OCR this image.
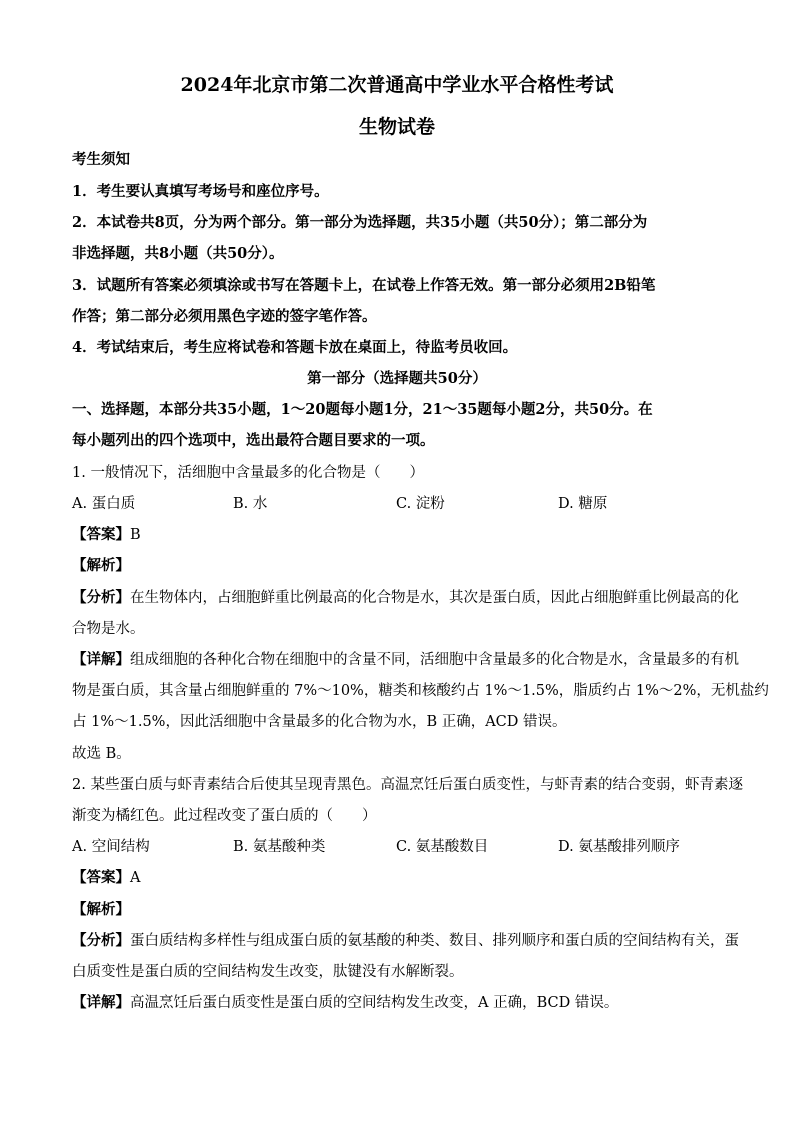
2024年北京市第二次普通高中学业水平合格性考试
生物试卷
考生须知
1．考生要认真填写考场号和座位序号。
2．本试卷共8页，分为两个部分。第一部分为选择题，共35小题（共50分）；第二部分为
非选择题，共8小题（共50分）。
3．试题所有答案必须填涂或书写在答题卡上，在试卷上作答无效。第一部分必须用2B铅笔
作答；第二部分必须用黑色字迹的签字笔作答。
4．考试结束后，考生应将试卷和答题卡放在桌面上，待监考员收回。
第一部分（选择题共50分）
一、选择题，本部分共35小题，1～20题每小题1分，21～35题每小题2分，共50分。在
每小题列出的四个选项中，选出最符合题目要求的一项。
1. 一般情况下，活细胞中含量最多的化合物是（　　）
A. 蛋白质	B. 水	C. 淀粉	D. 糖原
【答案】B
【解析】
【分析】在生物体内，占细胞鲜重比例最高的化合物是水，其次是蛋白质，因此占细胞鲜重比例最高的化
合物是水。
【详解】组成细胞的各种化合物在细胞中的含量不同，活细胞中含量最多的化合物是水，含量最多的有机
物是蛋白质，其含量占细胞鲜重的 7%～10%，糖类和核酸约占 1%～1.5%，脂质约占 1%～2%，无机盐约
占 1%～1.5%，因此活细胞中含量最多的化合物为水，B 正确，ACD 错误。
故选 B。
2. 某些蛋白质与虾青素结合后使其呈现青黑色。高温烹饪后蛋白质变性，与虾青素的结合变弱，虾青素逐
渐变为橘红色。此过程改变了蛋白质的（　　）
A. 空间结构	B. 氨基酸种类	C. 氨基酸数目	D. 氨基酸排列顺序
【答案】A
【解析】
【分析】蛋白质结构多样性与组成蛋白质的氨基酸的种类、数目、排列顺序和蛋白质的空间结构有关，蛋
白质变性是蛋白质的空间结构发生改变，肽键没有水解断裂。
【详解】高温烹饪后蛋白质变性是蛋白质的空间结构发生改变，A 正确，BCD 错误。
